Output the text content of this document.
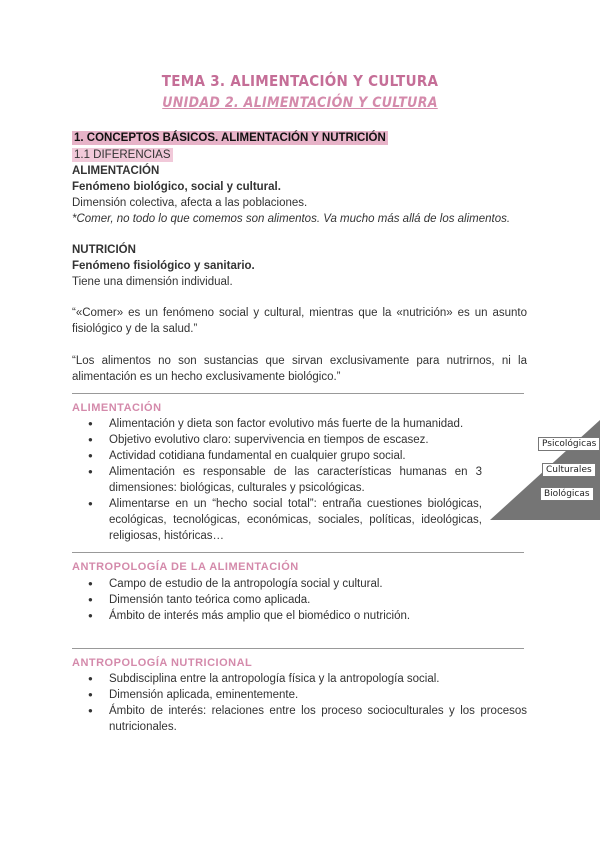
TEMA 3. ALIMENTACIÓN Y CULTURA
UNIDAD 2. ALIMENTACIÓN Y CULTURA
1. CONCEPTOS BÁSICOS. ALIMENTACIÓN Y NUTRICIÓN
1.1 DIFERENCIAS
ALIMENTACIÓN
Fenómeno biológico, social y cultural.
Dimensión colectiva, afecta a las poblaciones.
*Comer, no todo lo que comemos son alimentos. Va mucho más allá de los alimentos.
NUTRICIÓN
Fenómeno fisiológico y sanitario.
Tiene una dimensión individual.
“«Comer» es un fenómeno social y cultural, mientras que la «nutrición» es un asunto fisiológico y de la salud.”
“Los alimentos no son sustancias que sirvan exclusivamente para nutrirnos, ni la alimentación es un hecho exclusivamente biológico.”
ALIMENTACIÓN
● Alimentación y dieta son factor evolutivo más fuerte de la humanidad.
● Objetivo evolutivo claro: supervivencia en tiempos de escasez.
● Actividad cotidiana fundamental en cualquier grupo social.
● Alimentación es responsable de las características humanas en 3 dimensiones: biológicas, culturales y psicológicas.
● Alimentarse en un “hecho social total”: entraña cuestiones biológicas, ecológicas, tecnológicas, económicas, sociales, políticas, ideológicas, religiosas, históricas…
Psicológicas
Culturales
Biológicas
ANTROPOLOGÍA DE LA ALIMENTACIÓN
● Campo de estudio de la antropología social y cultural.
● Dimensión tanto teórica como aplicada.
● Ámbito de interés más amplio que el biomédico o nutrición.
ANTROPOLOGÍA NUTRICIONAL
● Subdisciplina entre la antropología física y la antropología social.
● Dimensión aplicada, eminentemente.
● Ámbito de interés: relaciones entre los proceso socioculturales y los procesos nutricionales.
